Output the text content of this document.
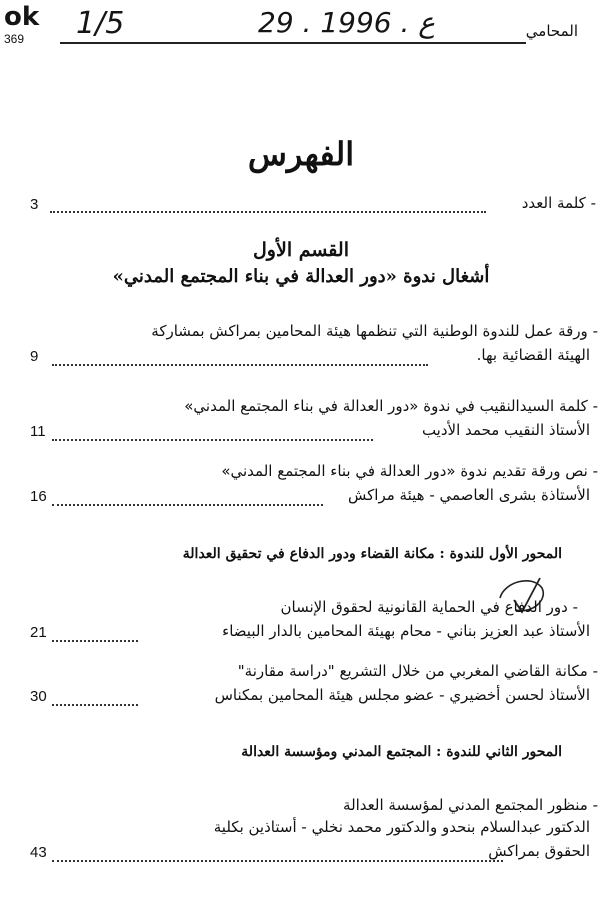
ok
369 1/5	29 . ع . 1996	المحامي
الفهرس
- كلمة العدد
3
القسم الأول
أشغال ندوة «دور العدالة في بناء المجتمع المدني»
- ورقة عمل للندوة الوطنية التي تنظمها هيئة المحامين بمراكش بمشاركة
الهيئة القضائية بها.
9
- كلمة السيدالنقيب في ندوة «دور العدالة في بناء المجتمع المدني»
الأستاذ النقيب محمد الأديب
11
- نص ورقة تقديم ندوة «دور العدالة في بناء المجتمع المدني»
الأستاذة بشرى العاصمي - هيئة مراكش
16
المحور الأول للندوة : مكانة القضاء ودور الدفاع في تحقيق العدالة
- دور الدفاع في الحماية القانونية لحقوق الإنسان
الأستاذ عبد العزيز بناني - محام بهيئة المحامين بالدار البيضاء
21
- مكانة القاضي المغربي من خلال التشريع "دراسة مقارنة"
الأستاذ لحسن أخضيري - عضو مجلس هيئة المحامين بمكناس
30
المحور الثاني للندوة : المجتمع المدني ومؤسسة العدالة
- منظور المجتمع المدني لمؤسسة العدالة
الدكتور عبدالسلام بنحدو والدكتور محمد نخلي - أستاذين بكلية
الحقوق بمراكش
43
